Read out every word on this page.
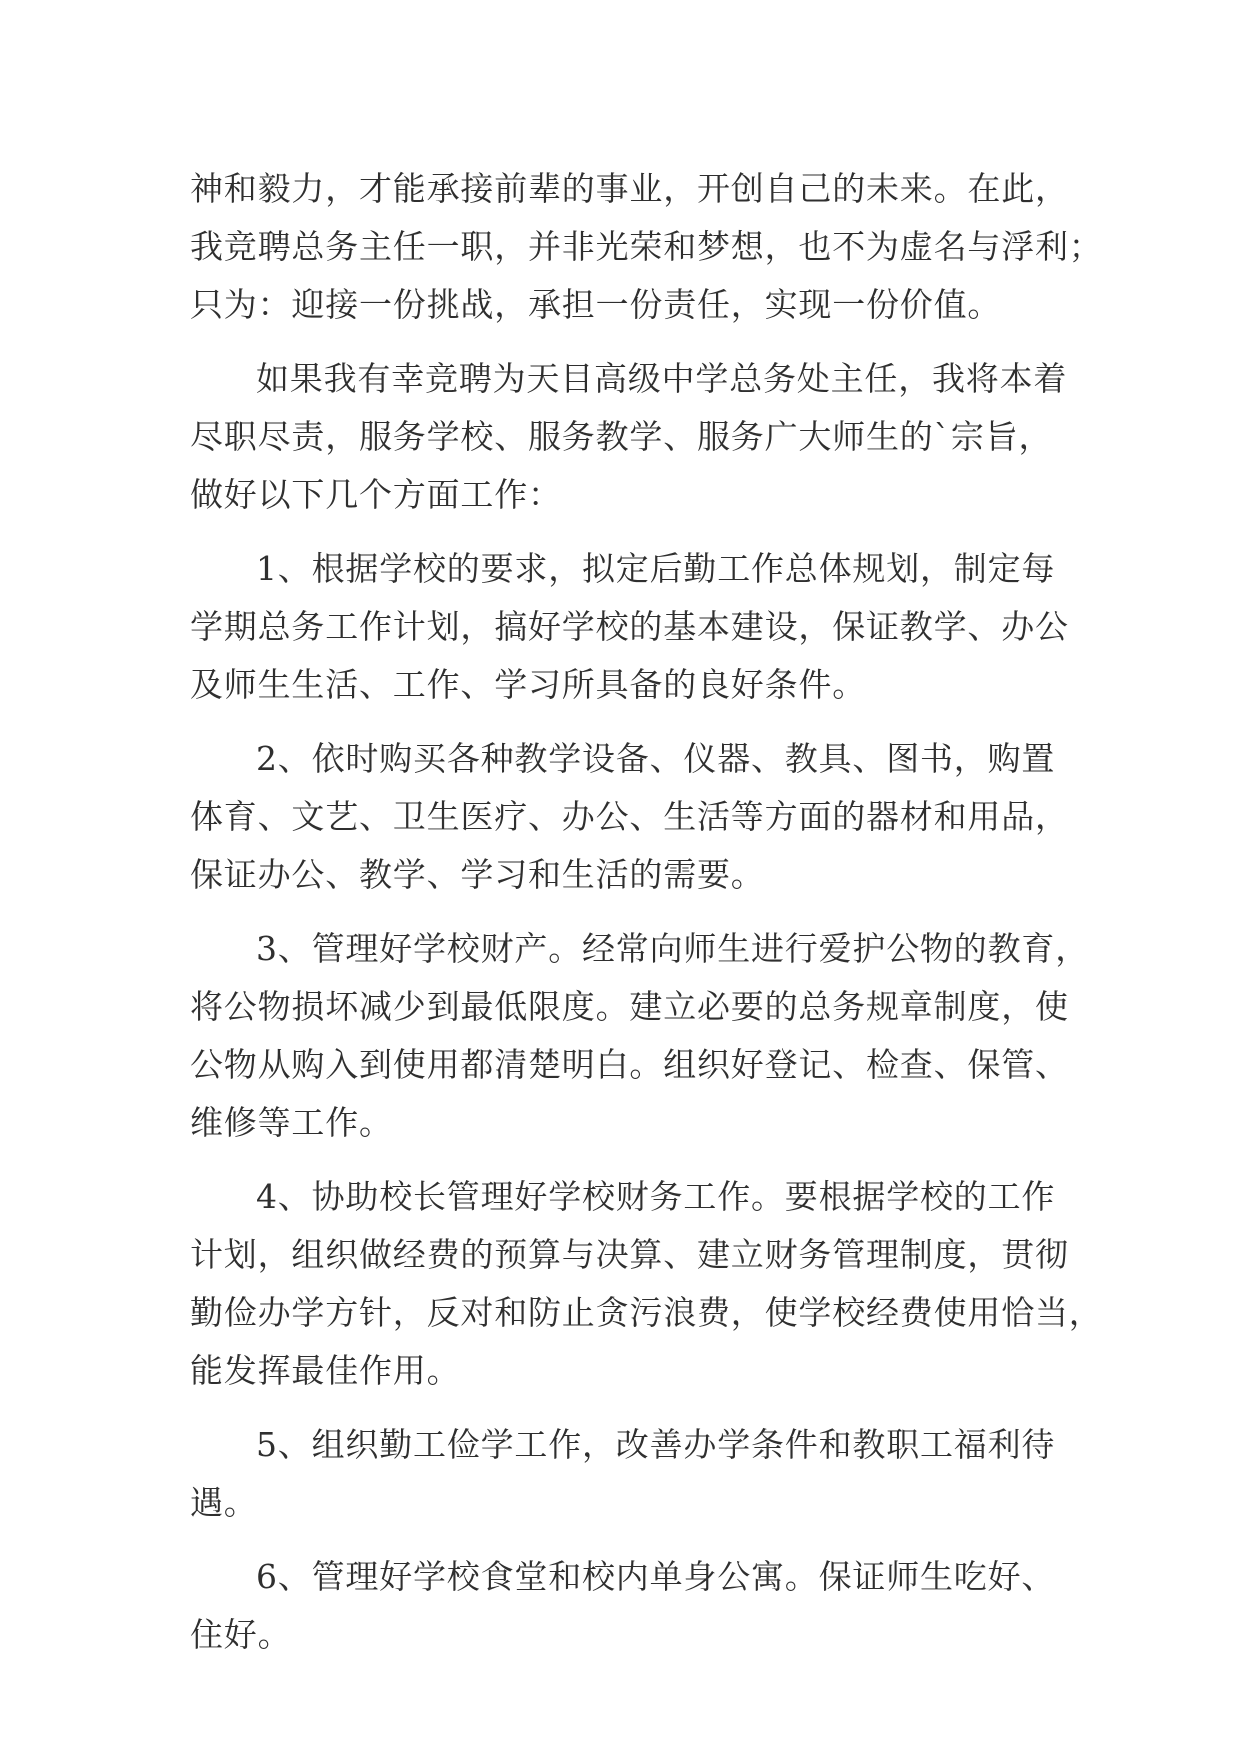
神和毅力，才能承接前辈的事业，开创自己的未来。在此，

我竞聘总务主任一职，并非光荣和梦想，也不为虚名与浮利；

只为：迎接一份挑战，承担一份责任，实现一份价值。

如果我有幸竞聘为天目高级中学总务处主任，我将本着

尽职尽责，服务学校、服务教学、服务广大师生的`宗旨，

做好以下几个方面工作：

1、根据学校的要求，拟定后勤工作总体规划，制定每

学期总务工作计划，搞好学校的基本建设，保证教学、办公

及师生生活、工作、学习所具备的良好条件。

2、依时购买各种教学设备、仪器、教具、图书，购置

体育、文艺、卫生医疗、办公、生活等方面的器材和用品，

保证办公、教学、学习和生活的需要。

3、管理好学校财产。经常向师生进行爱护公物的教育，

将公物损坏减少到最低限度。建立必要的总务规章制度，使

公物从购入到使用都清楚明白。组织好登记、检查、保管、

维修等工作。

4、协助校长管理好学校财务工作。要根据学校的工作

计划，组织做经费的预算与决算、建立财务管理制度，贯彻

勤俭办学方针，反对和防止贪污浪费，使学校经费使用恰当，

能发挥最佳作用。

5、组织勤工俭学工作，改善办学条件和教职工福利待

遇。

6、管理好学校食堂和校内单身公寓。保证师生吃好、

住好。
